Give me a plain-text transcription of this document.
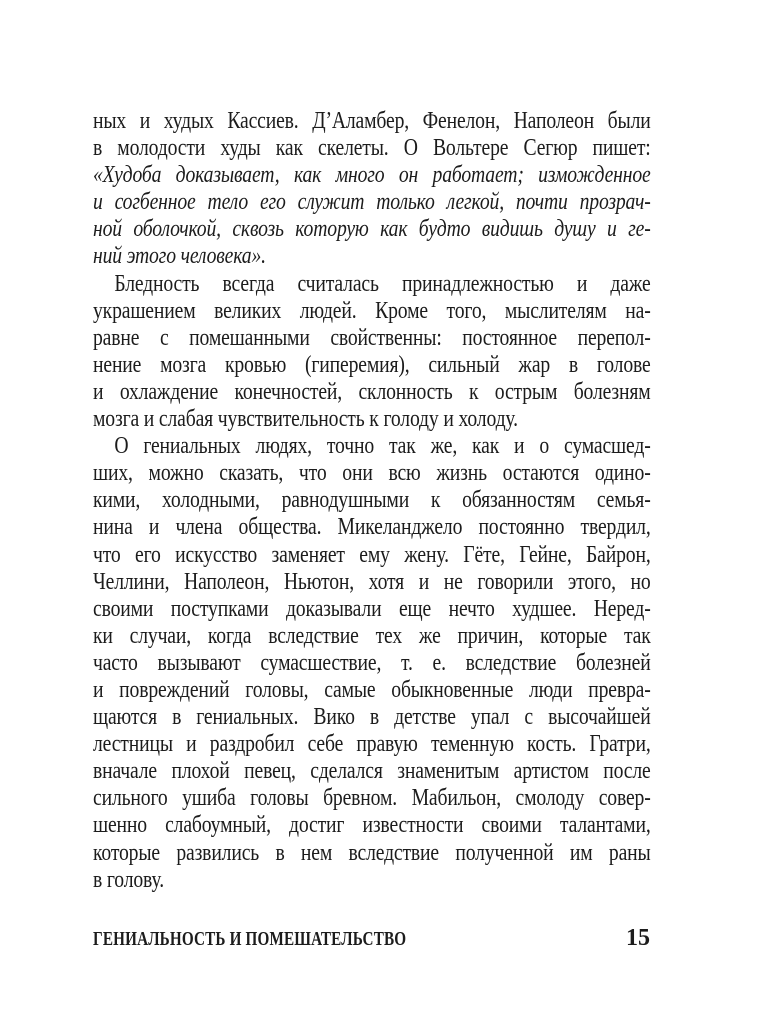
ных и худых Кассиев. Д’Аламбер, Фенелон, Наполеон были
в молодости худы как скелеты. О Вольтере Сегюр пишет:
«Худоба доказывает, как много он работает; изможденное
и согбенное тело его служит только легкой, почти прозрач-
ной оболочкой, сквозь которую как будто видишь душу и ге-
ний этого человека».
Бледность всегда считалась принадлежностью и даже
украшением великих людей. Кроме того, мыслителям на-
равне с помешанными свойственны: постоянное перепол-
нение мозга кровью (гиперемия), сильный жар в голове
и охлаждение конечностей, склонность к острым болезням
мозга и слабая чувствительность к голоду и холоду.
О гениальных людях, точно так же, как и о сумасшед-
ших, можно сказать, что они всю жизнь остаются одино-
кими, холодными, равнодушными к обязанностям семья-
нина и члена общества. Микеланджело постоянно твердил,
что его искусство заменяет ему жену. Гёте, Гейне, Байрон,
Челлини, Наполеон, Ньютон, хотя и не говорили этого, но
своими поступками доказывали еще нечто худшее. Неред-
ки случаи, когда вследствие тех же причин, которые так
часто вызывают сумасшествие, т. е. вследствие болезней
и повреждений головы, самые обыкновенные люди превра-
щаются в гениальных. Вико в детстве упал с высочайшей
лестницы и раздробил себе правую теменную кость. Гратри,
вначале плохой певец, сделался знаменитым артистом после
сильного ушиба головы бревном. Мабильон, смолоду совер-
шенно слабоумный, достиг известности своими талантами,
которые развились в нем вследствие полученной им раны
в голову.
ГЕНИАЛЬНОСТЬ И ПОМЕШАТЕЛЬСТВО	15
